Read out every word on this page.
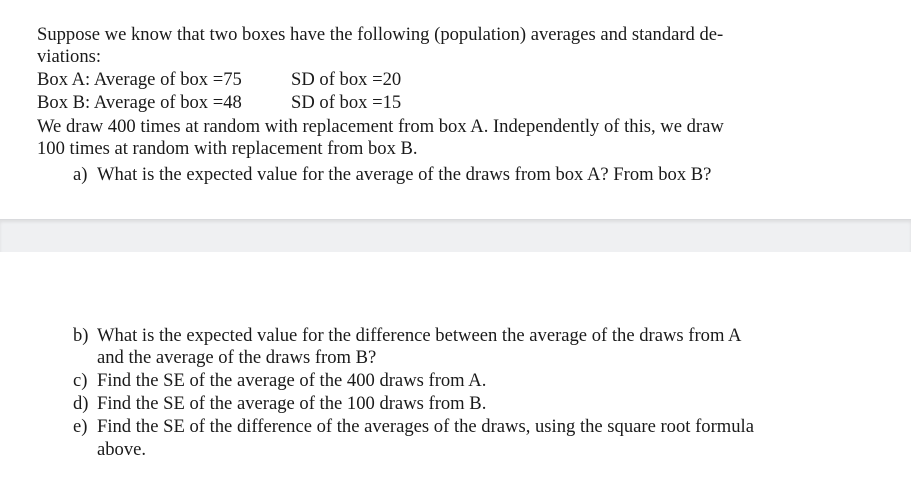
Suppose we know that two boxes have the following (population) averages and standard de-
viations:
Box A: Average of box =75	SD of box =20
Box B: Average of box =48	SD of box =15
We draw 400 times at random with replacement from box A. Independently of this, we draw
100 times at random with replacement from box B.
a) What is the expected value for the average of the draws from box A? From box B?
b) What is the expected value for the difference between the average of the draws from A
and the average of the draws from B?
c) Find the SE of the average of the 400 draws from A.
d) Find the SE of the average of the 100 draws from B.
e) Find the SE of the difference of the averages of the draws, using the square root formula
above.
